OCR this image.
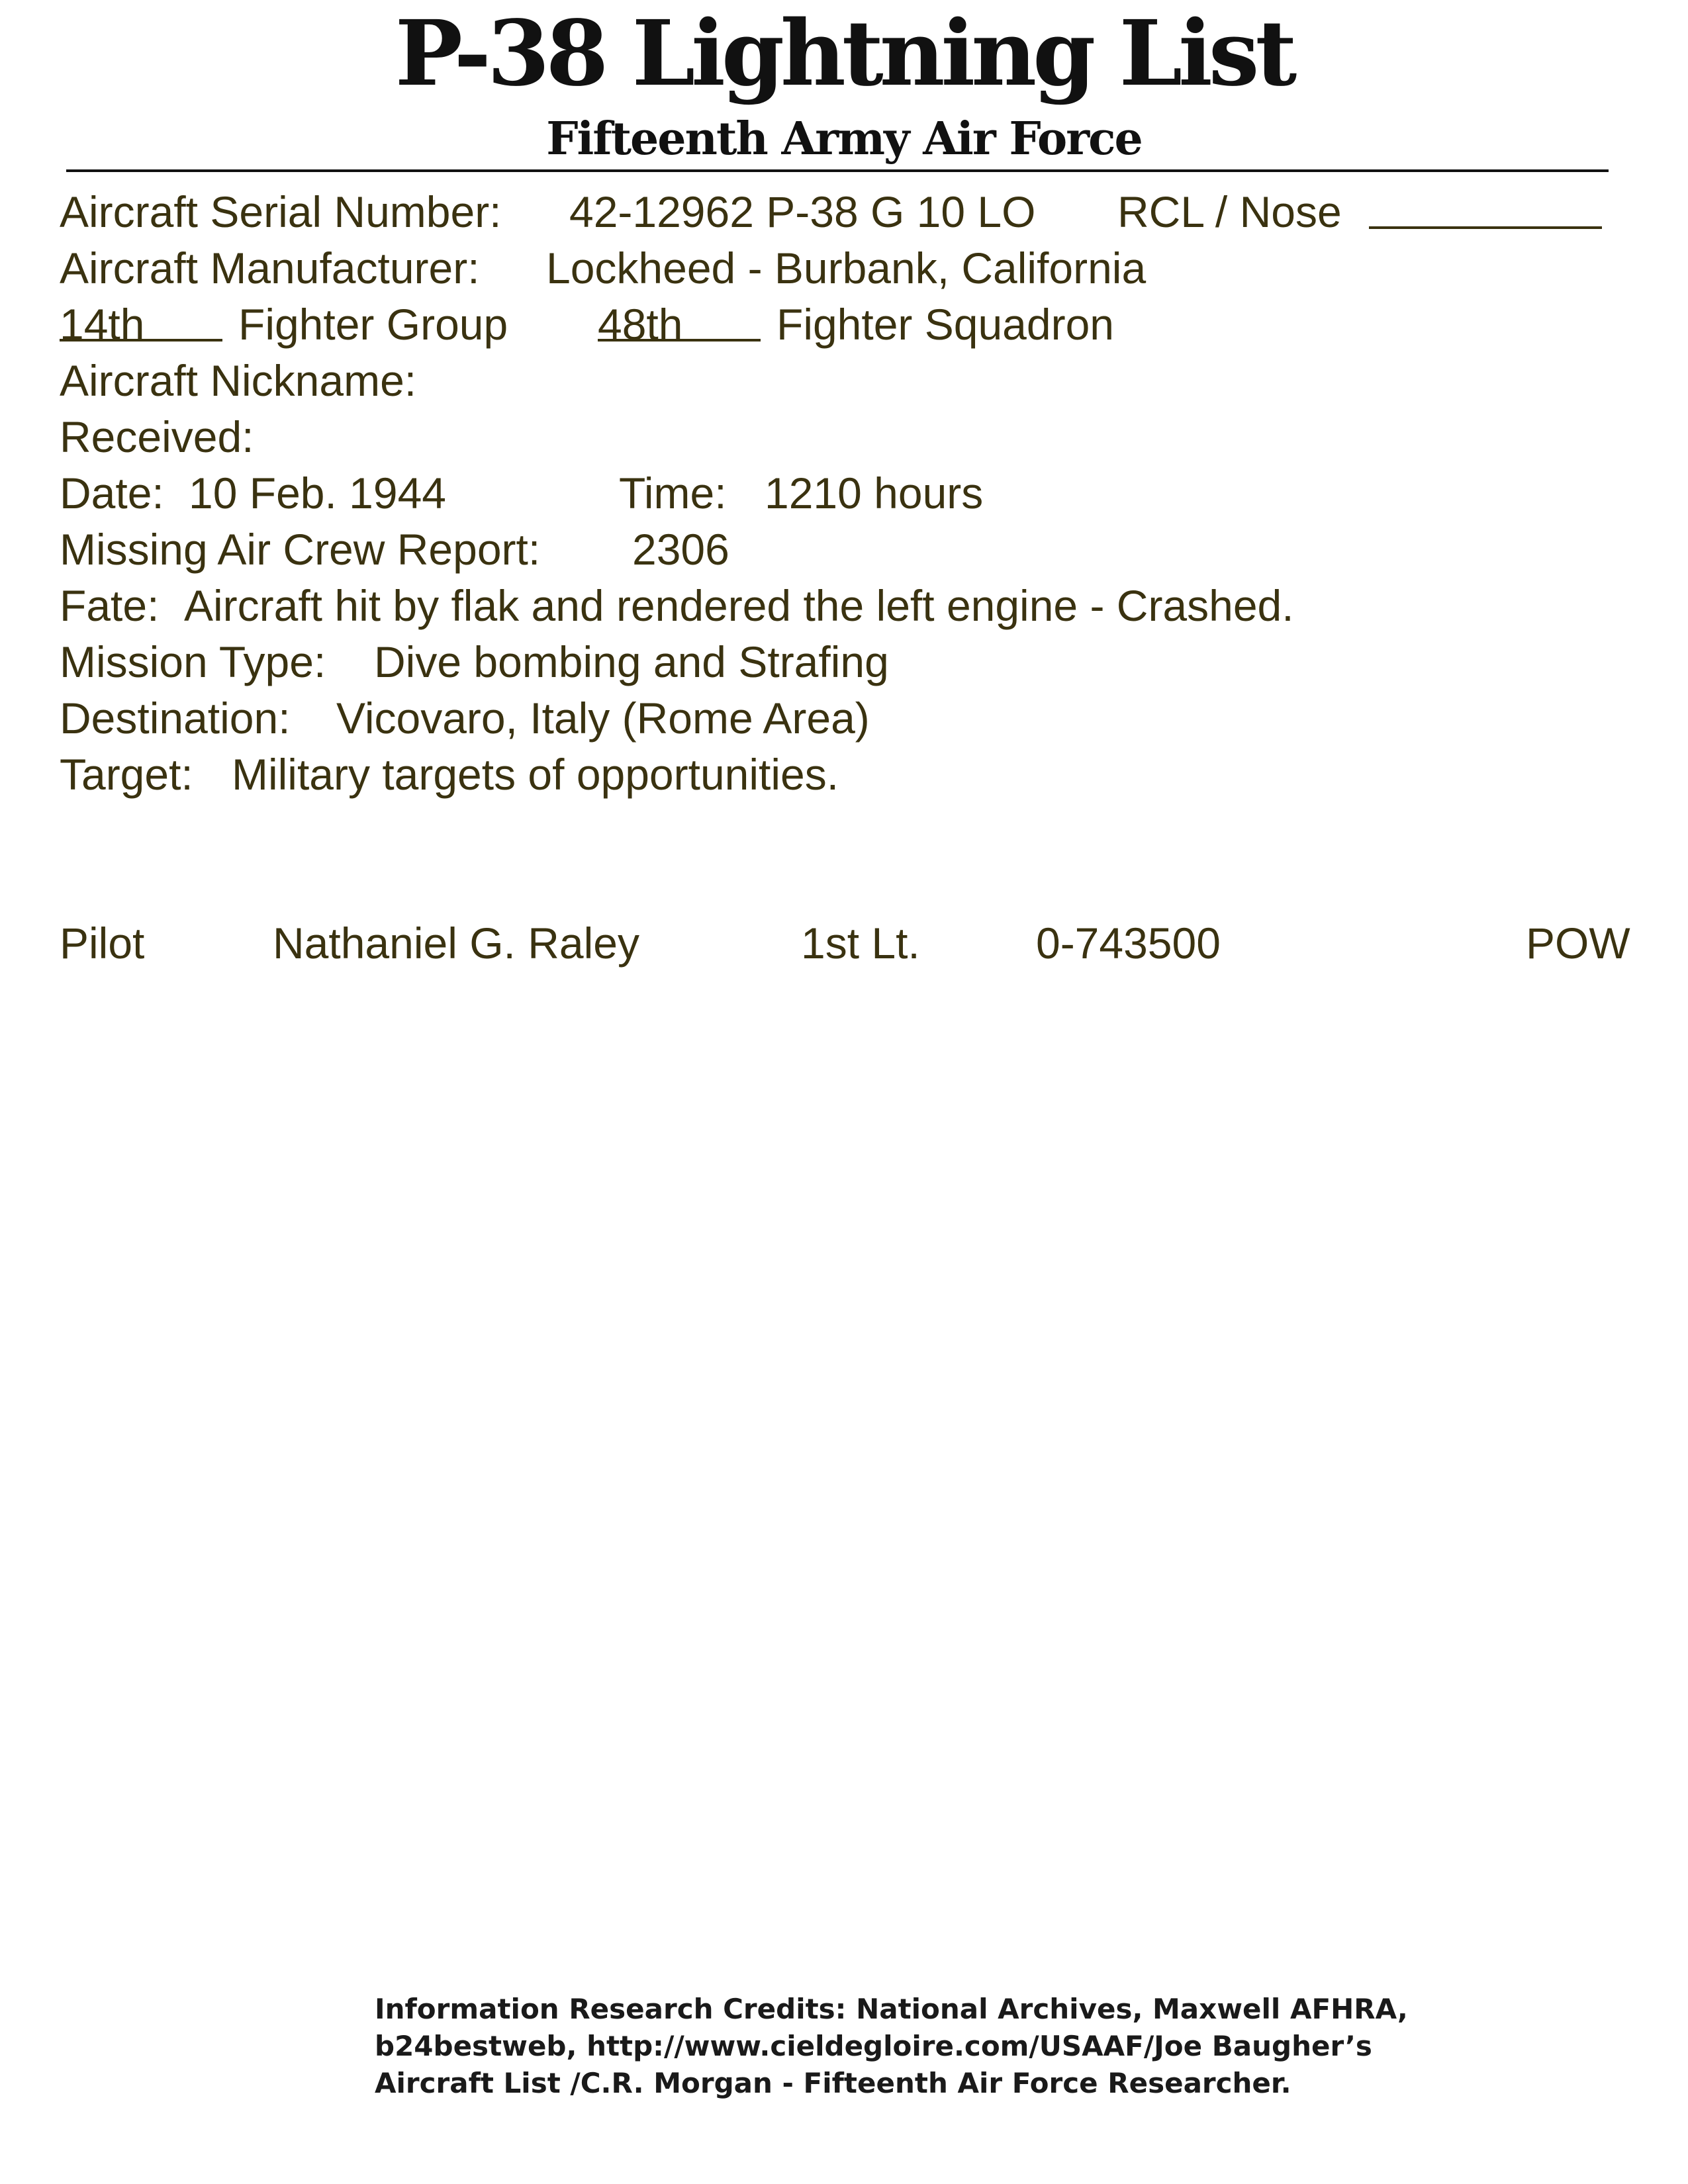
P-38 Lightning List
Fifteenth Army Air Force
Aircraft Serial Number: 42-12962 P-38 G 10 LO RCL / Nose
Aircraft Manufacturer: Lockheed - Burbank, California
14th Fighter Group 48th Fighter Squadron
Aircraft Nickname:
Received:
Date: 10 Feb. 1944	Time: 1210 hours
Missing Air Crew Report: 2306
Fate: Aircraft hit by flak and rendered the left engine - Crashed.
Mission Type: Dive bombing and Strafing
Destination: Vicovaro, Italy (Rome Area)
Target: Military targets of opportunities.
Pilot	Nathaniel G. Raley	1st Lt.	0-743500	POW
Information Research Credits: National Archives, Maxwell AFHRA,
b24bestweb, http://www.cieldegloire.com/USAAF/Joe Baugher’s
Aircraft List /C.R. Morgan - Fifteenth Air Force Researcher.
